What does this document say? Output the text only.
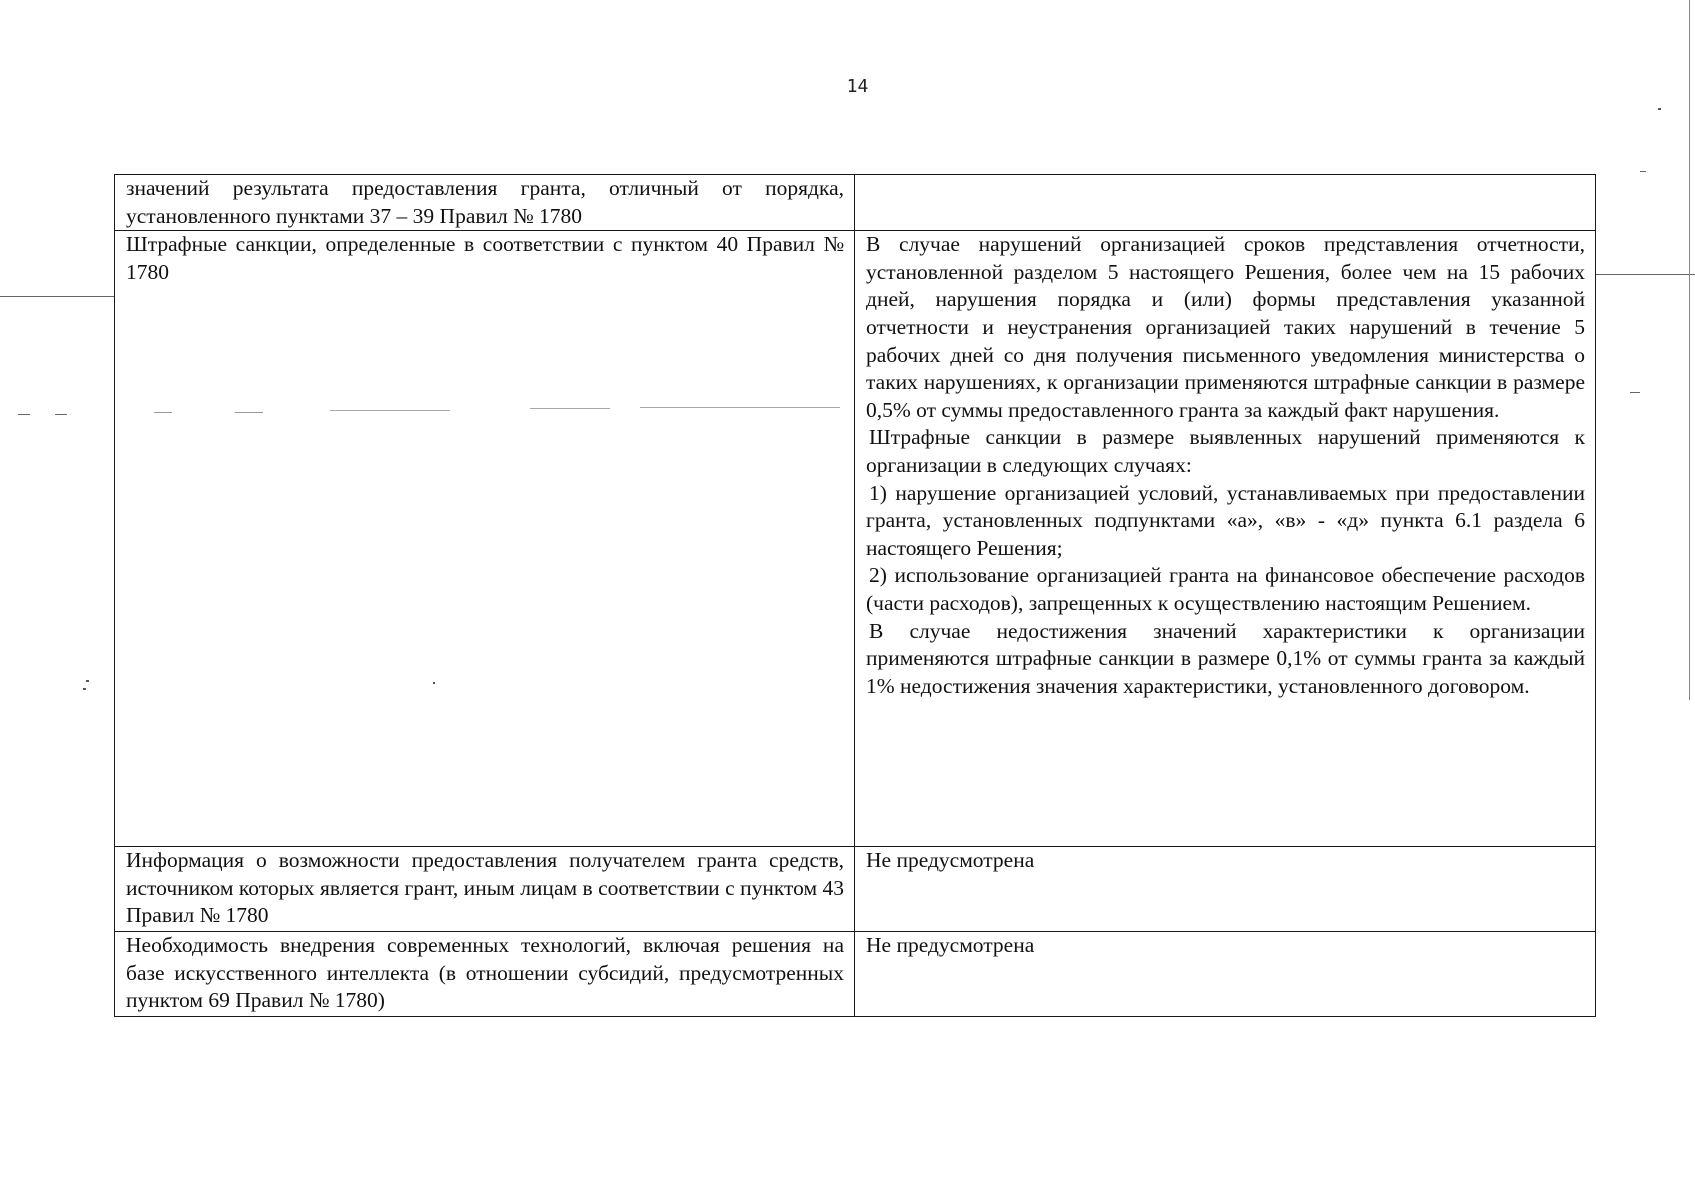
14
значений результата предоставления гранта, отличный от порядка, установленного пунктами 37 – 39 Правил № 1780	
Штрафные санкции, определенные в соответствии с пунктом 40 Правил № 1780	В случае нарушений организацией сроков представления отчетности, установленной разделом 5 настоящего Решения, более чем на 15 рабочих дней, нарушения порядка и (или) формы представления указанной отчетности и неустранения организацией таких нарушений в течение 5 рабочих дней со дня получения письменного уведомления министерства о таких нарушениях, к организации применяются штрафные санкции в размере 0,5% от суммы предоставленного гранта за каждый факт нарушения.
Штрафные санкции в размере выявленных нарушений применяются к организации в следующих случаях:
1) нарушение организацией условий, устанавливаемых при предоставлении гранта, установленных подпунктами «а», «в» - «д» пункта 6.1 раздела 6 настоящего Решения;
2) использование организацией гранта на финансовое обеспечение расходов (части расходов), запрещенных к осуществлению настоящим Решением.
В случае недостижения значений характеристики к организации применяются штрафные санкции в размере 0,1% от суммы гранта за каждый 1% недостижения значения характеристики, установленного договором.

Информация о возможности предоставления получателем гранта средств, источником которых является грант, иным лицам в соответствии с пунктом 43 Правил № 1780	Не предусмотрена

Необходимость внедрения современных технологий, включая решения на базе искусственного интеллекта (в отношении субсидий, предусмотренных пунктом 69 Правил № 1780)	Не предусмотрена
